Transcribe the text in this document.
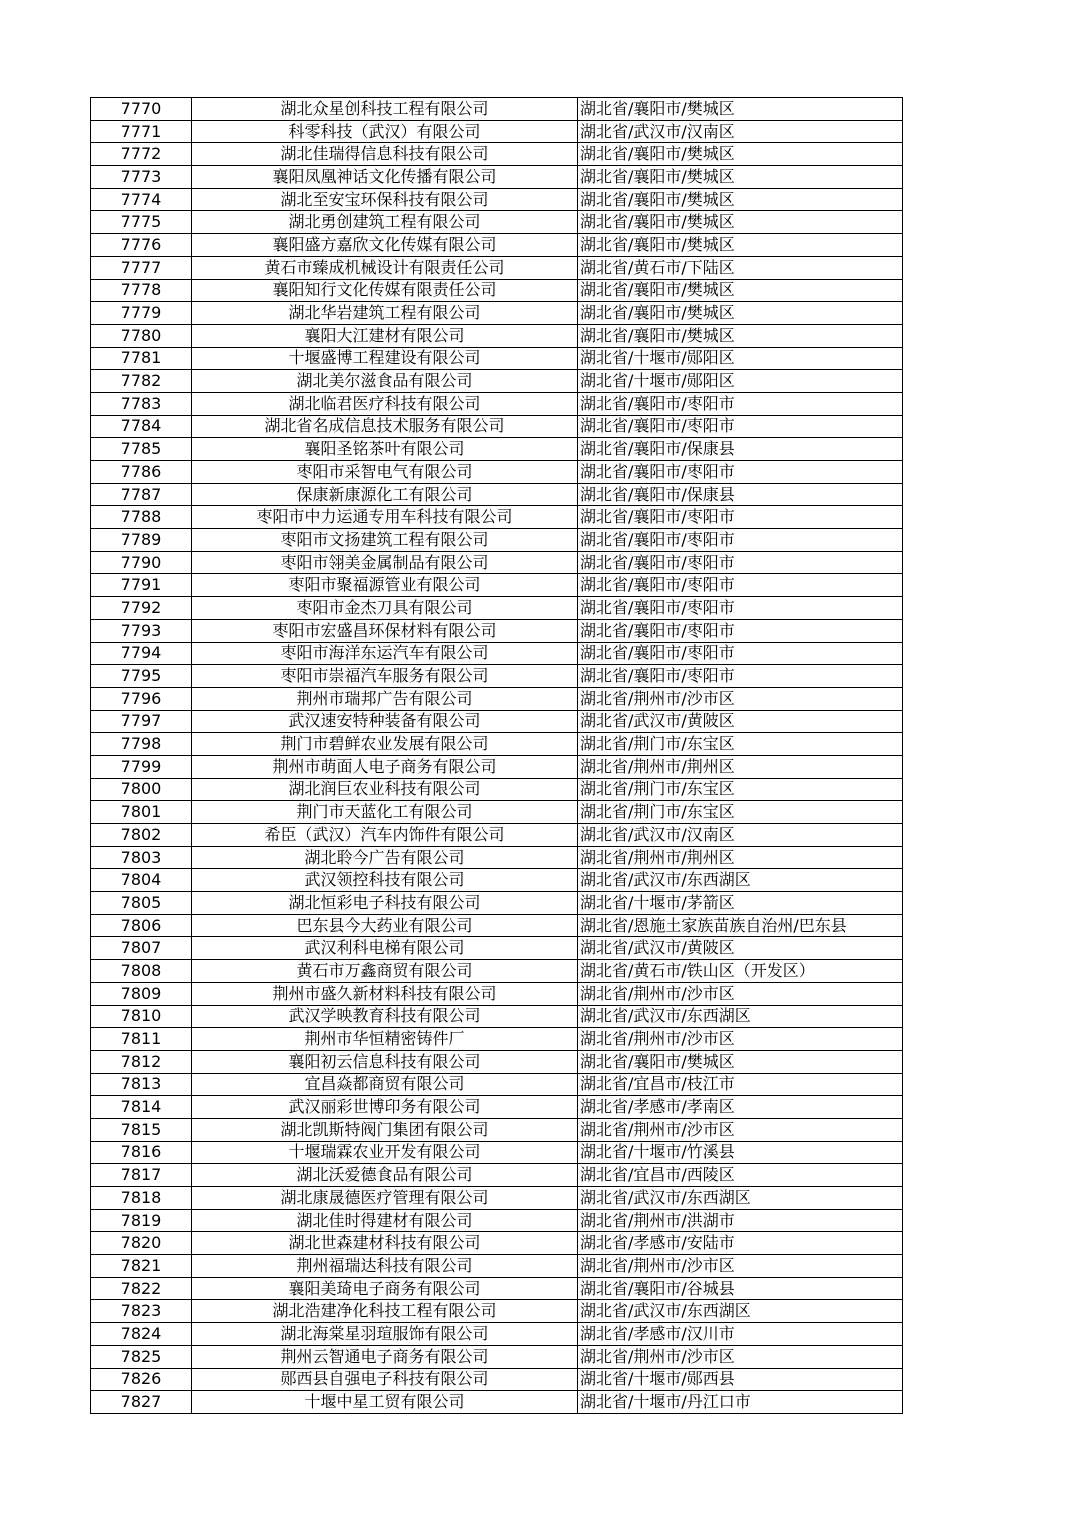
7770	湖北众星创科技工程有限公司	湖北省/襄阳市/樊城区
7771	科零科技（武汉）有限公司	湖北省/武汉市/汉南区
7772	湖北佳瑞得信息科技有限公司	湖北省/襄阳市/樊城区
7773	襄阳凤凰神话文化传播有限公司	湖北省/襄阳市/樊城区
7774	湖北至安宝环保科技有限公司	湖北省/襄阳市/樊城区
7775	湖北勇创建筑工程有限公司	湖北省/襄阳市/樊城区
7776	襄阳盛方嘉欣文化传媒有限公司	湖北省/襄阳市/樊城区
7777	黄石市臻成机械设计有限责任公司	湖北省/黄石市/下陆区
7778	襄阳知行文化传媒有限责任公司	湖北省/襄阳市/樊城区
7779	湖北华岩建筑工程有限公司	湖北省/襄阳市/樊城区
7780	襄阳大江建材有限公司	湖北省/襄阳市/樊城区
7781	十堰盛博工程建设有限公司	湖北省/十堰市/郧阳区
7782	湖北美尔滋食品有限公司	湖北省/十堰市/郧阳区
7783	湖北临君医疗科技有限公司	湖北省/襄阳市/枣阳市
7784	湖北省名成信息技术服务有限公司	湖北省/襄阳市/枣阳市
7785	襄阳圣铭茶叶有限公司	湖北省/襄阳市/保康县
7786	枣阳市采智电气有限公司	湖北省/襄阳市/枣阳市
7787	保康新康源化工有限公司	湖北省/襄阳市/保康县
7788	枣阳市中力运通专用车科技有限公司	湖北省/襄阳市/枣阳市
7789	枣阳市文扬建筑工程有限公司	湖北省/襄阳市/枣阳市
7790	枣阳市翎美金属制品有限公司	湖北省/襄阳市/枣阳市
7791	枣阳市聚福源管业有限公司	湖北省/襄阳市/枣阳市
7792	枣阳市金杰刀具有限公司	湖北省/襄阳市/枣阳市
7793	枣阳市宏盛昌环保材料有限公司	湖北省/襄阳市/枣阳市
7794	枣阳市海洋东运汽车有限公司	湖北省/襄阳市/枣阳市
7795	枣阳市崇福汽车服务有限公司	湖北省/襄阳市/枣阳市
7796	荆州市瑞邦广告有限公司	湖北省/荆州市/沙市区
7797	武汉速安特种装备有限公司	湖北省/武汉市/黄陂区
7798	荆门市碧鲜农业发展有限公司	湖北省/荆门市/东宝区
7799	荆州市萌面人电子商务有限公司	湖北省/荆州市/荆州区
7800	湖北润巨农业科技有限公司	湖北省/荆门市/东宝区
7801	荆门市天蓝化工有限公司	湖北省/荆门市/东宝区
7802	希臣（武汉）汽车内饰件有限公司	湖北省/武汉市/汉南区
7803	湖北聆今广告有限公司	湖北省/荆州市/荆州区
7804	武汉领控科技有限公司	湖北省/武汉市/东西湖区
7805	湖北恒彩电子科技有限公司	湖北省/十堰市/茅箭区
7806	巴东县今大药业有限公司	湖北省/恩施土家族苗族自治州/巴东县
7807	武汉利科电梯有限公司	湖北省/武汉市/黄陂区
7808	黄石市万鑫商贸有限公司	湖北省/黄石市/铁山区（开发区）
7809	荆州市盛久新材料科技有限公司	湖北省/荆州市/沙市区
7810	武汉学映教育科技有限公司	湖北省/武汉市/东西湖区
7811	荆州市华恒精密铸件厂	湖北省/荆州市/沙市区
7812	襄阳初云信息科技有限公司	湖北省/襄阳市/樊城区
7813	宜昌焱都商贸有限公司	湖北省/宜昌市/枝江市
7814	武汉丽彩世博印务有限公司	湖北省/孝感市/孝南区
7815	湖北凯斯特阀门集团有限公司	湖北省/荆州市/沙市区
7816	十堰瑞霖农业开发有限公司	湖北省/十堰市/竹溪县
7817	湖北沃爱德食品有限公司	湖北省/宜昌市/西陵区
7818	湖北康晟德医疗管理有限公司	湖北省/武汉市/东西湖区
7819	湖北佳时得建材有限公司	湖北省/荆州市/洪湖市
7820	湖北世森建材科技有限公司	湖北省/孝感市/安陆市
7821	荆州福瑞达科技有限公司	湖北省/荆州市/沙市区
7822	襄阳美琦电子商务有限公司	湖北省/襄阳市/谷城县
7823	湖北浩建净化科技工程有限公司	湖北省/武汉市/东西湖区
7824	湖北海棠星羽瑄服饰有限公司	湖北省/孝感市/汉川市
7825	荆州云智通电子商务有限公司	湖北省/荆州市/沙市区
7826	郧西县自强电子科技有限公司	湖北省/十堰市/郧西县
7827	十堰中星工贸有限公司	湖北省/十堰市/丹江口市
